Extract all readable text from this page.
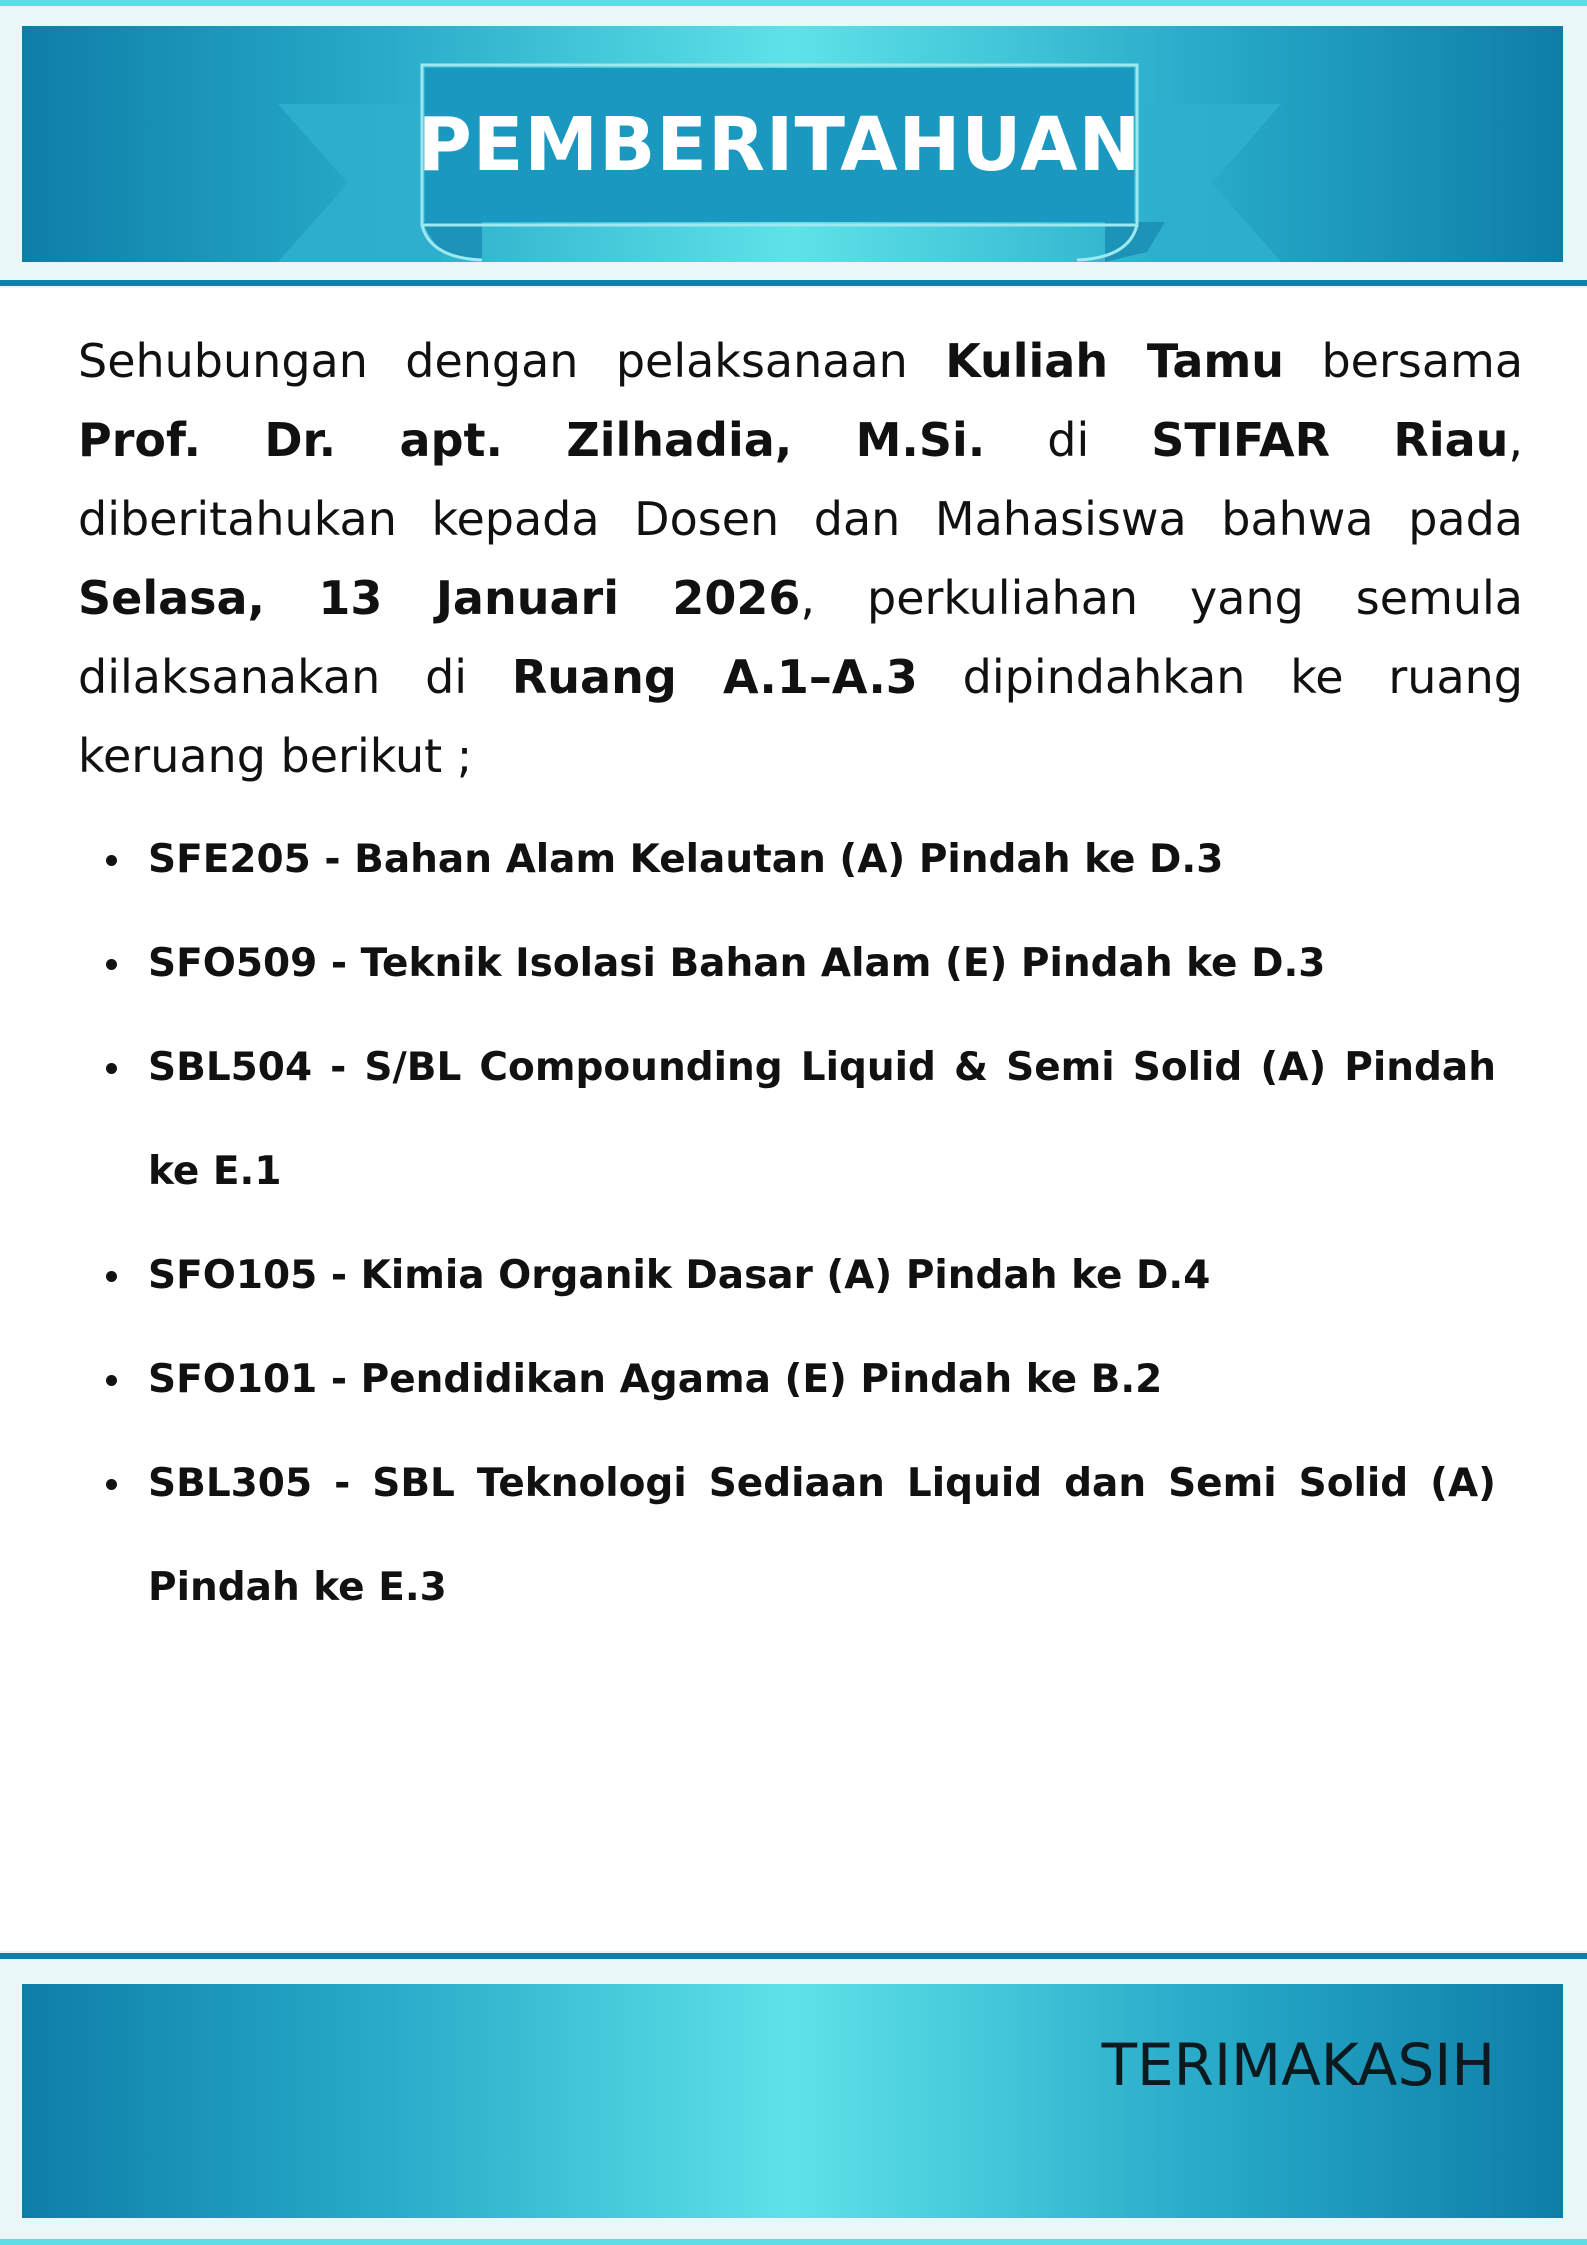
PEMBERITAHUAN

Sehubungan dengan pelaksanaan Kuliah Tamu bersama Prof. Dr. apt. Zilhadia, M.Si. di STIFAR Riau, diberitahukan kepada Dosen dan Mahasiswa bahwa pada Selasa, 13 Januari 2026, perkuliahan yang semula dilaksanakan di Ruang A.1–A.3 dipindahkan ke ruang keruang berikut ;

SFE205 - Bahan Alam Kelautan (A) Pindah ke D.3
SFO509 - Teknik Isolasi Bahan Alam (E) Pindah ke D.3
SBL504 - S/BL Compounding Liquid & Semi Solid (A) Pindah ke E.1
SFO105 - Kimia Organik Dasar (A) Pindah ke D.4
SFO101 - Pendidikan Agama (E) Pindah ke B.2
SBL305 - SBL Teknologi Sediaan Liquid dan Semi Solid (A) Pindah ke E.3
TERIMAKASIH
